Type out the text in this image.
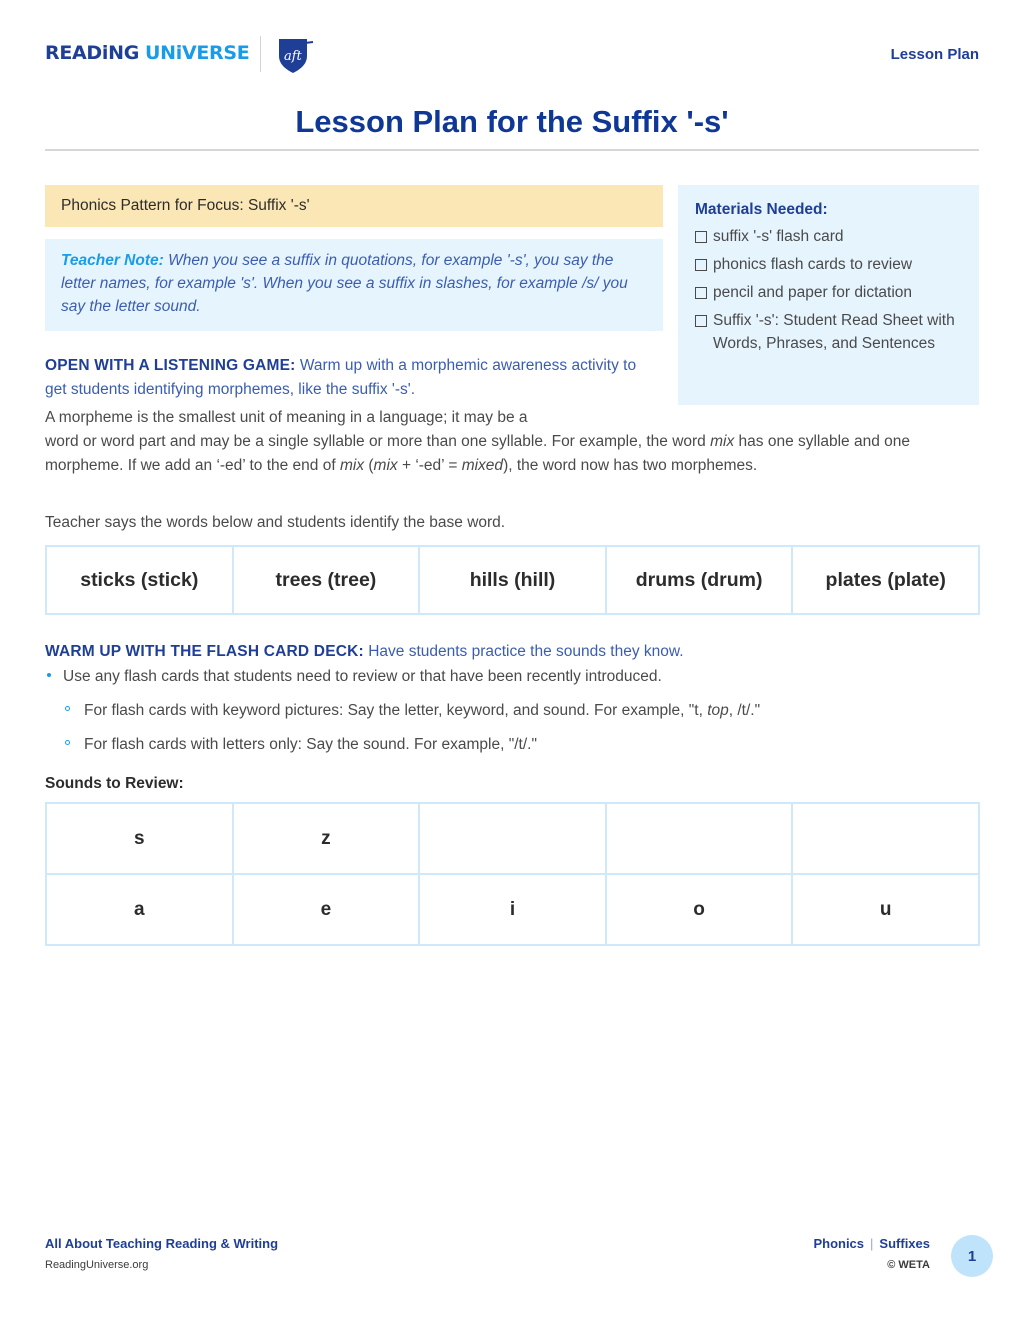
READiNG UNiVERSE	aft	Lesson Plan
Lesson Plan for the Suffix '-s'
Phonics Pattern for Focus: Suffix '-s'
Teacher Note: When you see a suffix in quotations, for example '-s', you say the letter names, for example 's'. When you see a suffix in slashes, for example /s/ you say the letter sound.
Materials Needed:
suffix '-s' flash card
phonics flash cards to review
pencil and paper for dictation
Suffix '-s': Student Read Sheet with Words, Phrases, and Sentences
OPEN WITH A LISTENING GAME: Warm up with a morphemic awareness activity to get students identifying morphemes, like the suffix '-s'.
A morpheme is the smallest unit of meaning in a language; it may be a
word or word part and may be a single syllable or more than one syllable. For example, the word mix has one syllable and one morpheme. If we add an ‘-ed’ to the end of mix (mix + ‘-ed’ = mixed), the word now has two morphemes.
Teacher says the words below and students identify the base word.
sticks (stick)	trees (tree)	hills (hill)	drums (drum)	plates (plate)
WARM UP WITH THE FLASH CARD DECK: Have students practice the sounds they know.
Use any flash cards that students need to review or that have been recently introduced.
For flash cards with keyword pictures: Say the letter, keyword, and sound. For example, "t, top, /t/."
For flash cards with letters only: Say the sound. For example, "/t/."
Sounds to Review:
s	z			
a	e	i	o	u
All About Teaching Reading & Writing
ReadingUniverse.org
Phonics | Suffixes
© WETA
1
